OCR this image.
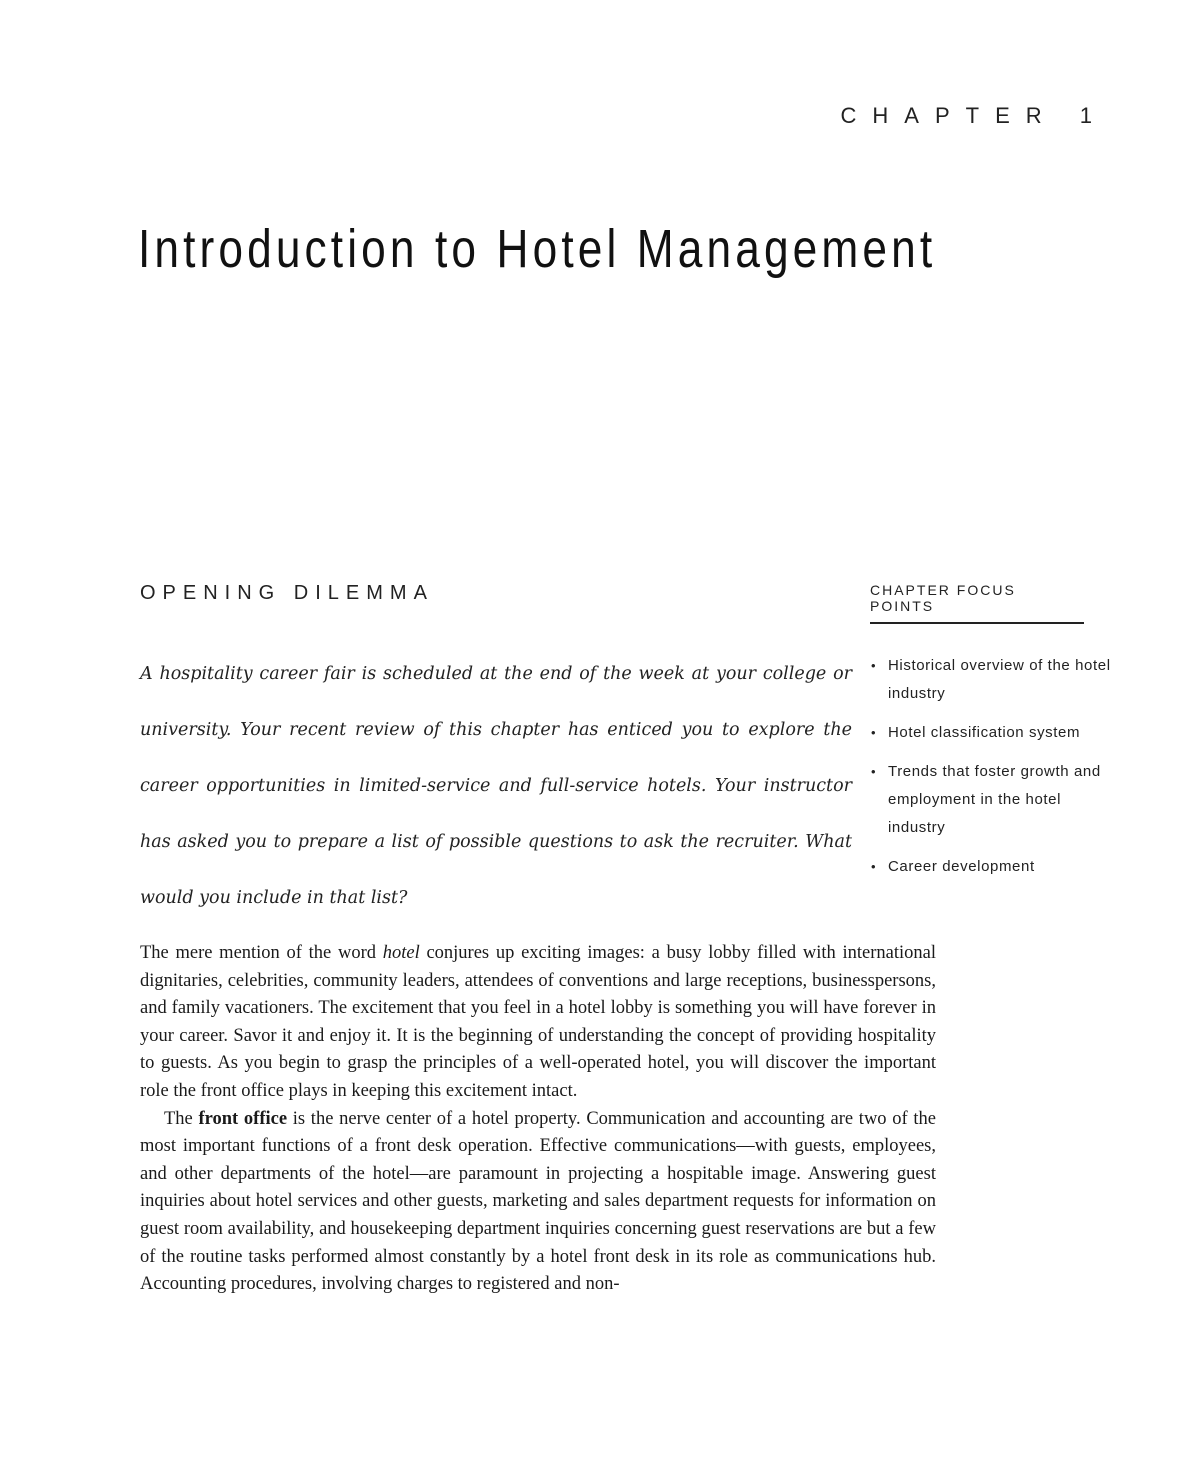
CHAPTER 1
Introduction to Hotel Management
OPENING DILEMMA

A hospitality career fair is scheduled at the end of the week at your college or university. Your recent review of this chapter has enticed you to explore the career opportunities in limited-service and full-service hotels. Your instructor has asked you to prepare a list of possible questions to ask the recruiter. What would you include in that list?

CHAPTER FOCUS POINTS
• Historical overview of the hotel industry
• Hotel classification system
• Trends that foster growth and employment in the hotel industry
• Career development

The mere mention of the word hotel conjures up exciting images: a busy lobby filled with international dignitaries, celebrities, community leaders, attendees of conventions and large receptions, businesspersons, and family vacationers. The excitement that you feel in a hotel lobby is something you will have forever in your career. Savor it and enjoy it. It is the beginning of understanding the concept of providing hospitality to guests. As you begin to grasp the principles of a well-operated hotel, you will discover the important role the front office plays in keeping this excitement intact.

The front office is the nerve center of a hotel property. Communication and accounting are two of the most important functions of a front desk operation. Effective communications—with guests, employees, and other departments of the hotel—are paramount in projecting a hospitable image. Answering guest inquiries about hotel services and other guests, marketing and sales department requests for information on guest room availability, and housekeeping department inquiries concerning guest reservations are but a few of the routine tasks performed almost constantly by a hotel front desk in its role as communications hub. Accounting procedures, involving charges to registered and non-
